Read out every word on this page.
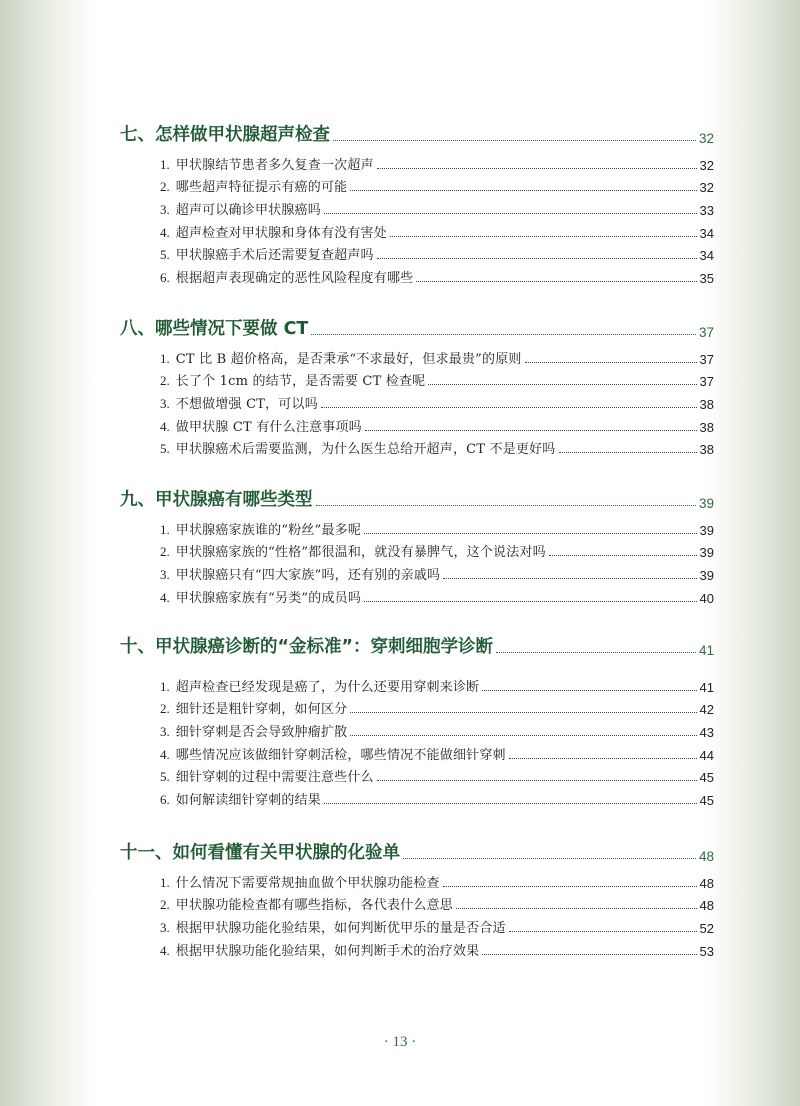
七、怎样做甲状腺超声检查	32
1. 甲状腺结节患者多久复查一次超声	32
2. 哪些超声特征提示有癌的可能	32
3. 超声可以确诊甲状腺癌吗	33
4. 超声检查对甲状腺和身体有没有害处	34
5. 甲状腺癌手术后还需要复查超声吗	34
6. 根据超声表现确定的恶性风险程度有哪些	35
八、哪些情况下要做 CT	37
1. CT 比 B 超价格高，是否秉承“不求最好，但求最贵”的原则	37
2. 长了个 1cm 的结节，是否需要 CT 检查呢	37
3. 不想做增强 CT，可以吗	38
4. 做甲状腺 CT 有什么注意事项吗	38
5. 甲状腺癌术后需要监测，为什么医生总给开超声，CT 不是更好吗	38
九、甲状腺癌有哪些类型	39
1. 甲状腺癌家族谁的“粉丝”最多呢	39
2. 甲状腺癌家族的“性格”都很温和，就没有暴脾气，这个说法对吗	39
3. 甲状腺癌只有“四大家族”吗，还有别的亲戚吗	39
4. 甲状腺癌家族有“另类”的成员吗	40
十、甲状腺癌诊断的“金标准”：穿刺细胞学诊断	41
1. 超声检查已经发现是癌了，为什么还要用穿刺来诊断	41
2. 细针还是粗针穿刺，如何区分	42
3. 细针穿刺是否会导致肿瘤扩散	43
4. 哪些情况应该做细针穿刺活检，哪些情况不能做细针穿刺	44
5. 细针穿刺的过程中需要注意些什么	45
6. 如何解读细针穿刺的结果	45
十一、如何看懂有关甲状腺的化验单	48
1. 什么情况下需要常规抽血做个甲状腺功能检查	48
2. 甲状腺功能检查都有哪些指标，各代表什么意思	48
3. 根据甲状腺功能化验结果，如何判断优甲乐的量是否合适	52
4. 根据甲状腺功能化验结果，如何判断手术的治疗效果	53
· 13 ·
